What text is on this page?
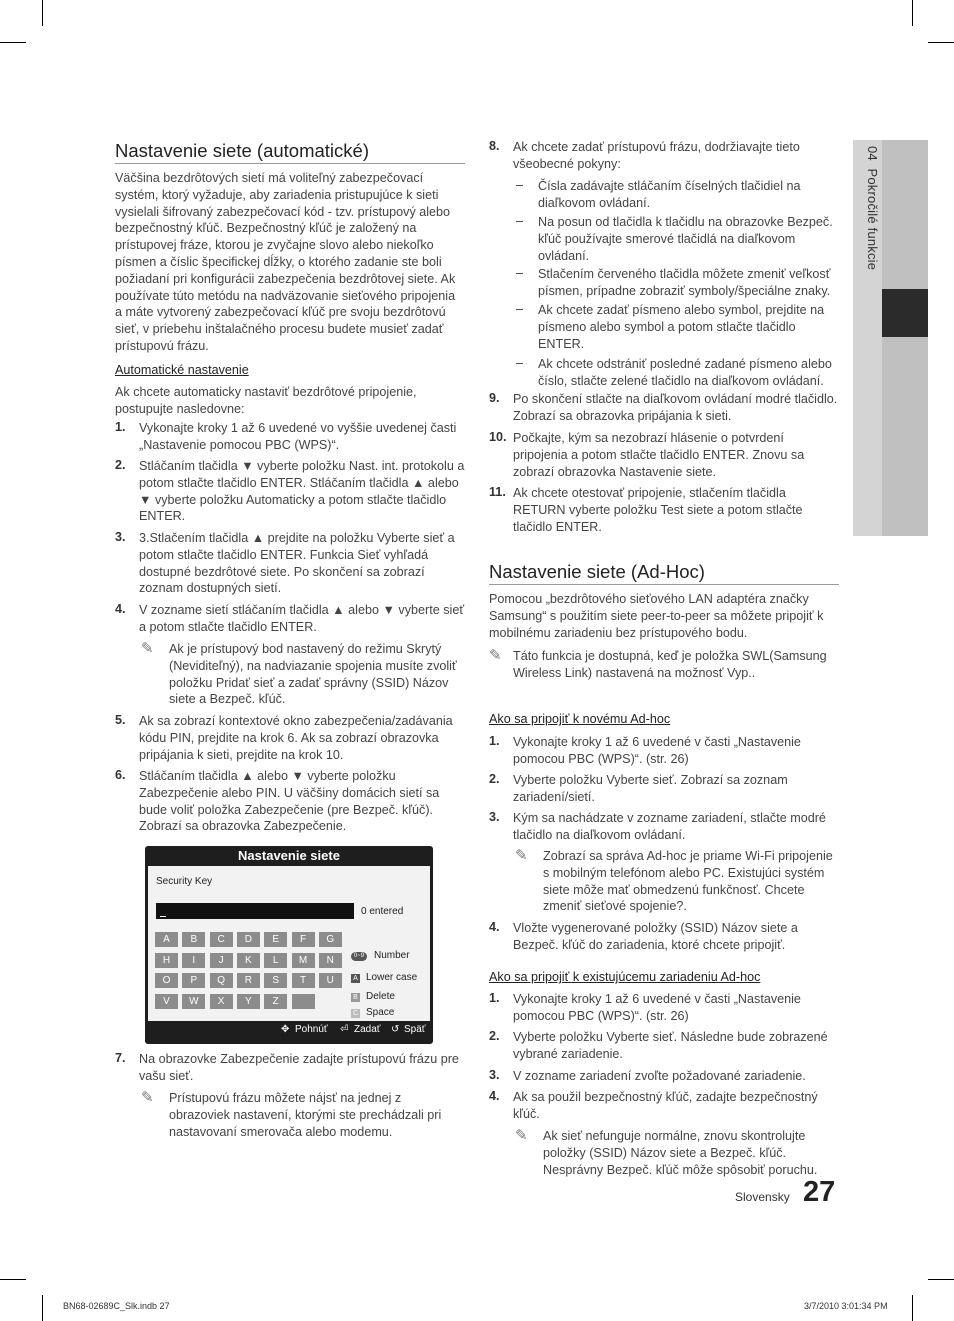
04  Pokročilé funkcie
Nastavenie siete (automatické)
Väčšina bezdrôtových sietí má voliteľný zabezpečovací systém, ktorý vyžaduje, aby zariadenia pristupujúce k sieti vysielali šifrovaný zabezpečovací kód - tzv. prístupový alebo bezpečnostný kľúč. Bezpečnostný kľúč je založený na prístupovej fráze, ktorou je zvyčajne slovo alebo niekoľko písmen a číslic špecifickej dĺžky, o ktorého zadanie ste boli požiadaní pri konfigurácii zabezpečenia bezdrôtovej siete. Ak používate túto metódu na nadväzovanie sieťového pripojenia a máte vytvorený zabezpečovací kľúč pre svoju bezdrôtovú sieť, v priebehu inštalačného procesu budete musieť zadať prístupovú frázu.
Automatické nastavenie
Ak chcete automaticky nastaviť bezdrôtové pripojenie, postupujte nasledovne:
1. Vykonajte kroky 1 až 6 uvedené vo vyššie uvedenej časti „Nastavenie pomocou PBC (WPS)“.
2. Stláčaním tlačidla ▼ vyberte položku Nast. int. protokolu a potom stlačte tlačidlo ENTER. Stláčaním tlačidla ▲ alebo ▼ vyberte položku Automaticky a potom stlačte tlačidlo ENTER.
3. 3.Stlačením tlačidla ▲ prejdite na položku Vyberte sieť a potom stlačte tlačidlo ENTER. Funkcia Sieť vyhľadá dostupné bezdrôtové siete. Po skončení sa zobrazí zoznam dostupných sietí.
4. V zozname sietí stláčaním tlačidla ▲ alebo ▼ vyberte sieť a potom stlačte tlačidlo ENTER.
✎ Ak je prístupový bod nastavený do režimu Skrytý (Neviditeľný), na nadviazanie spojenia musíte zvoliť položku Pridať sieť a zadať správny (SSID) Názov siete a Bezpeč. kľúč.
5. Ak sa zobrazí kontextové okno zabezpečenia/zadávania kódu PIN, prejdite na krok 6. Ak sa zobrazí obrazovka pripájania k sieti, prejdite na krok 10.
6. Stláčaním tlačidla ▲ alebo ▼ vyberte položku Zabezpečenie alebo PIN. U väčšiny domácich sietí sa bude voliť položka Zabezpečenie (pre Bezpeč. kľúč). Zobrazí sa obrazovka Zabezpečenie.
7. Na obrazovke Zabezpečenie zadajte prístupovú frázu pre vašu sieť.
✎ Prístupovú frázu môžete nájsť na jednej z obrazoviek nastavení, ktorými ste prechádzali pri nastavovaní smerovača alebo modemu.
Nastavenie siete
Security Key
0 entered
A	B	C	D	E	F	G
H	I	J	K	L	M	N
O	P	Q	R	S	T	U
V	W	X	Y	Z
0~9 Number
A Lower case
B Delete
C Space
✥ Pohnúť ⏎ Zadať ↺ Späť
8. Ak chcete zadať prístupovú frázu, dodržiavajte tieto všeobecné pokyny:
– Čísla zadávajte stláčaním číselných tlačidiel na diaľkovom ovládaní.
– Na posun od tlačidla k tlačidlu na obrazovke Bezpeč. kľúč používajte smerové tlačidlá na diaľkovom ovládaní.
– Stlačením červeného tlačidla môžete zmeniť veľkosť písmen, prípadne zobraziť symboly/špeciálne znaky.
– Ak chcete zadať písmeno alebo symbol, prejdite na písmeno alebo symbol a potom stlačte tlačidlo ENTER.
– Ak chcete odstrániť posledné zadané písmeno alebo číslo, stlačte zelené tlačidlo na diaľkovom ovládaní.
9. Po skončení stlačte na diaľkovom ovládaní modré tlačidlo. Zobrazí sa obrazovka pripájania k sieti.
10. Počkajte, kým sa nezobrazí hlásenie o potvrdení pripojenia a potom stlačte tlačidlo ENTER. Znovu sa zobrazí obrazovka Nastavenie siete.
11. Ak chcete otestovať pripojenie, stlačením tlačidla RETURN vyberte položku Test siete a potom stlačte tlačidlo ENTER.
Nastavenie siete (Ad-Hoc)
Pomocou „bezdrôtového sieťového LAN adaptéra značky Samsung“ s použitím siete peer-to-peer sa môžete pripojiť k mobilnému zariadeniu bez prístupového bodu.
✎ Táto funkcia je dostupná, keď je položka SWL(Samsung Wireless Link) nastavená na možnosť Vyp..
Ako sa pripojiť k novému Ad-hoc
1. Vykonajte kroky 1 až 6 uvedené v časti „Nastavenie pomocou PBC (WPS)“. (str. 26)
2. Vyberte položku Vyberte sieť. Zobrazí sa zoznam zariadení/sietí.
3. Kým sa nachádzate v zozname zariadení, stlačte modré tlačidlo na diaľkovom ovládaní.
✎ Zobrazí sa správa Ad-hoc je priame Wi-Fi pripojenie s mobilným telefónom alebo PC. Existujúci systém siete môže mať obmedzenú funkčnosť. Chcete zmeniť sieťové spojenie?.
4. Vložte vygenerované položky (SSID) Názov siete a Bezpeč. kľúč do zariadenia, ktoré chcete pripojiť.
Ako sa pripojiť k existujúcemu zariadeniu Ad-hoc
1. Vykonajte kroky 1 až 6 uvedené v časti „Nastavenie pomocou PBC (WPS)“. (str. 26)
2. Vyberte položku Vyberte sieť. Následne bude zobrazené vybrané zariadenie.
3. V zozname zariadení zvoľte požadované zariadenie.
4. Ak sa použil bezpečnostný kľúč, zadajte bezpečnostný kľúč.
✎ Ak sieť nefunguje normálne, znovu skontrolujte položky (SSID) Názov siete a Bezpeč. kľúč. Nesprávny Bezpeč. kľúč môže spôsobiť poruchu.
Slovensky 27
BN68-02689C_Slk.indb 27	3/7/2010 3:01:34 PM
